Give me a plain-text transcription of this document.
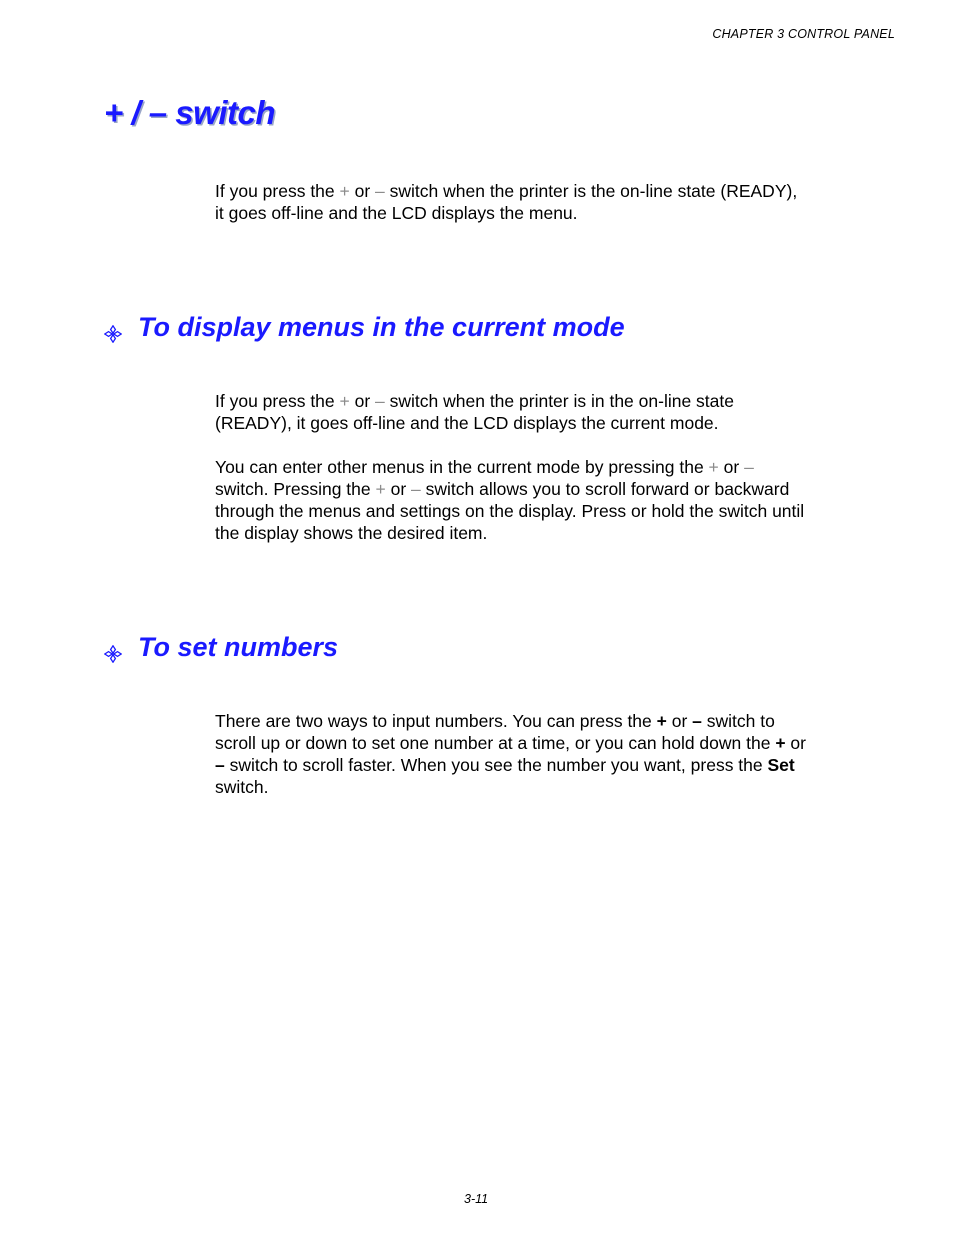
CHAPTER 3 CONTROL PANEL
+ / – switch

If you press the + or – switch when the printer is the on-line state (READY),
it goes off-line and the LCD displays the menu.

To display menus in the current mode

If you press the + or – switch when the printer is in the on-line state
(READY), it goes off-line and the LCD displays the current mode.

You can enter other menus in the current mode by pressing the + or –
switch. Pressing the + or – switch allows you to scroll forward or backward
through the menus and settings on the display. Press or hold the switch until
the display shows the desired item.

To set numbers

There are two ways to input numbers. You can press the + or – switch to
scroll up or down to set one number at a time, or you can hold down the + or
– switch to scroll faster. When you see the number you want, press the Set
switch.

3-11
